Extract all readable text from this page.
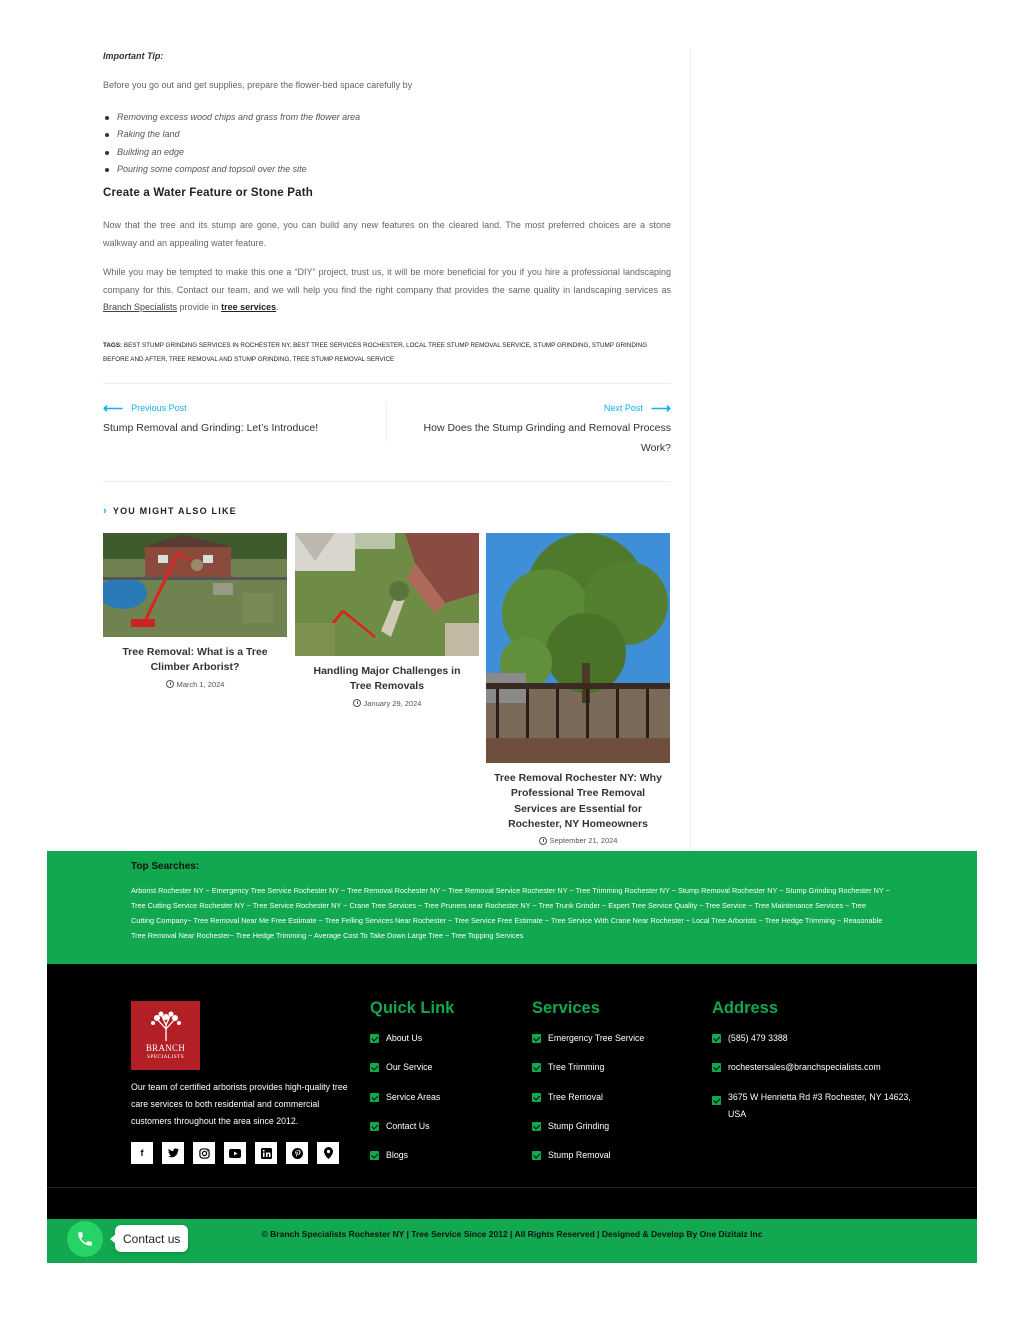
Important Tip:

Before you go out and get supplies, prepare the flower-bed space carefully by

Removing excess wood chips and grass from the flower area
Raking the land
Building an edge
Pouring some compost and topsoil over the site
Create a Water Feature or Stone Path

Now that the tree and its stump are gone, you can build any new features on the cleared land. The most preferred choices are a stone walkway and an appealing water feature.

While you may be tempted to make this one a “DIY” project, trust us, it will be more beneficial for you if you hire a professional landscaping company for this. Contact our team, and we will help you find the right company that provides the same quality in landscaping services as Branch Specialists provide in tree services.

TAGS: BEST STUMP GRINDING SERVICES IN ROCHESTER NY, BEST TREE SERVICES ROCHESTER, LOCAL TREE STUMP REMOVAL SERVICE, STUMP GRINDING, STUMP GRINDING BEFORE AND AFTER, TREE REMOVAL AND STUMP GRINDING, TREE STUMP REMOVAL SERVICE
⟵ Previous Post
Stump Removal and Grinding: Let’s Introduce!
Next Post ⟶
How Does the Stump Grinding and Removal Process Work?
› YOU MIGHT ALSO LIKE
Tree Removal: What is a Tree Climber Arborist?
March 1, 2024
Handling Major Challenges in Tree Removals
January 29, 2024
Tree Removal Rochester NY: Why Professional Tree Removal Services are Essential for Rochester, NY Homeowners
September 21, 2024
Top Searches:
Arborist Rochester NY ~ Emergency Tree Service Rochester NY ~ Tree Removal Rochester NY ~ Tree Removal Service Rochester NY ~ Tree Trimming Rochester NY ~ Stump Removal Rochester NY ~ Stump Grinding Rochester NY ~ Tree Cutting Service Rochester NY ~ Tree Service Rochester NY ~ Crane Tree Services ~ Tree Pruners near Rochester NY ~ Tree Trunk Grinder ~ Expert Tree Service Quality ~ Tree Service ~ Tree Maintenance Services ~ Tree Cutting Company~ Tree Removal Near Me Free Estimate ~ Tree Felling Services Near Rochester ~ Tree Service Free Estimate ~ Tree Service With Crane Near Rochester ~ Local Tree Arborists ~ Tree Hedge Trimming ~ Reasonable Tree Removal Near Rochester~ Tree Hedge Trimming ~ Average Cost To Take Down Large Tree ~ Tree Topping Services
BRANCH
SPECIALISTS

Our team of certified arborists provides high-quality tree care services to both residential and commercial customers throughout the area since 2012.

f
Quick Link
About Us
Our Service
Service Areas
Contact Us
Blogs
Services
Emergency Tree Service
Tree Trimming
Tree Removal
Stump Grinding
Stump Removal
Address
(585) 479 3388
rochestersales@branchspecialists.com
3675 W Henrietta Rd #3 Rochester, NY 14623, USA
© Branch Specialists Rochester NY | Tree Service Since 2012 | All Rights Reserved | Designed & Develop By One Dizitalz Inc
Contact us
